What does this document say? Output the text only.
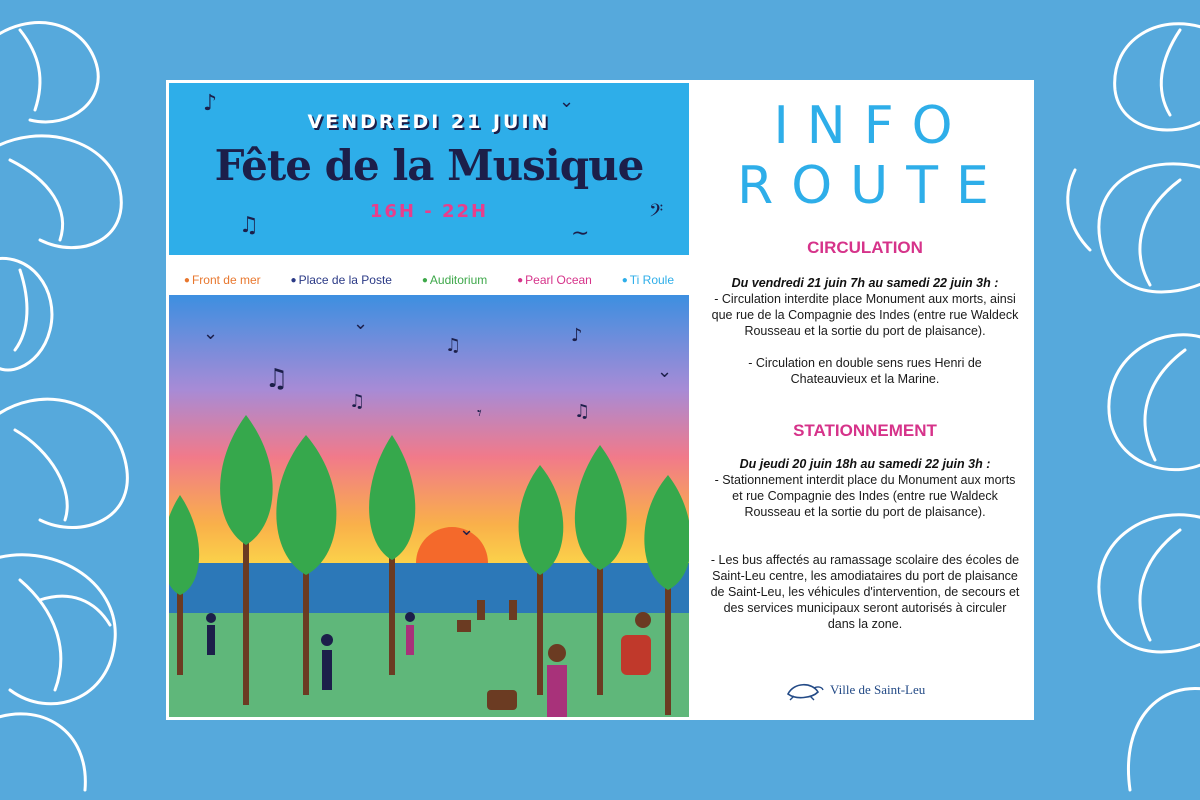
♪	⌄
♫	𝄢
∼
VENDREDI 21 JUIN
Fête de la Musique
16H - 22H
● Front de mer	● Place de la Poste	● Auditorium	● Pearl Ocean	● Ti Roule
⌄	⌄
♫
♫	♪
♫
𝄾	♫
⌄
⌄
INFO
ROUTE
CIRCULATION
Du vendredi 21 juin 7h au samedi 22 juin 3h :

- Circulation interdite place Monument aux morts, ainsi que rue de la Compagnie des Indes (entre rue Waldeck Rousseau et la sortie du port de plaisance).

- Circulation en double sens rues Henri de Chateauvieux et la Marine.

STATIONNEMENT
Du jeudi 20 juin 18h au samedi 22 juin 3h :

- Stationnement interdit place du Monument aux morts et rue Compagnie des Indes (entre rue Waldeck Rousseau et la sortie du port de plaisance).

- Les bus affectés au ramassage scolaire des écoles de Saint-Leu centre, les amodiataires du port de plaisance de Saint-Leu, les véhicules d'intervention, de secours et des services municipaux seront autorisés à circuler dans la zone.

Ville de Saint-Leu
